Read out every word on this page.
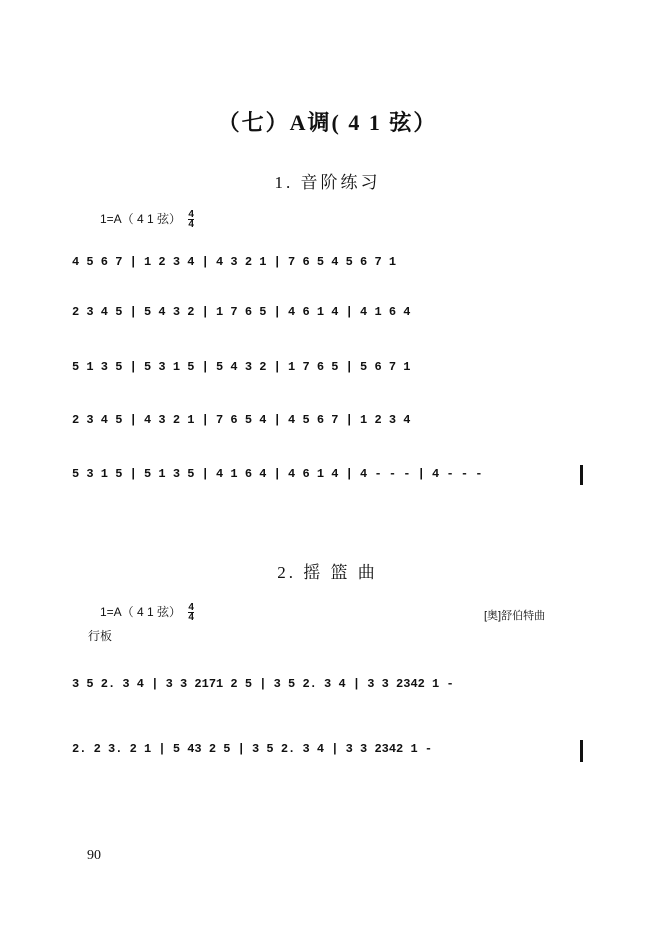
（七）A调( 4 1 弦）
1. 音阶练习
1=A（ 4 1 弦） $\frac{4}{4}$
4 5 6 7 | 1 2 3 4 | 4 3 2 1 | 7 6 5 4 5 6 7 1
2 3 4 5 | 5 4 3 2 | 1 7 6 5 | 4 6 1 4 | 4 1 6 4
5 1 3 5 | 5 3 1 5 | 5 4 3 2 | 1 7 6 5 | 5 6 7 1
2 3 4 5 | 4 3 2 1 | 7 6 5 4 | 4 5 6 7 | 1 2 3 4
5 3 1 5 | 5 1 3 5 | 4 1 6 4 | 4 6 1 4 | 4 - - - | 4 - - -
2. 摇 篮 曲
1=A（ 4 1 弦） $\frac{4}{4}$	[奥]舒伯特曲
行板
3 5 2. 3 4 | 3 3 2171 2 5 | 3 5 2. 3 4 | 3 3 2342 1 -
2. 2 3. 2 1 | 5 43 2 5 | 3 5 2. 3 4 | 3 3 2342 1 -
90
